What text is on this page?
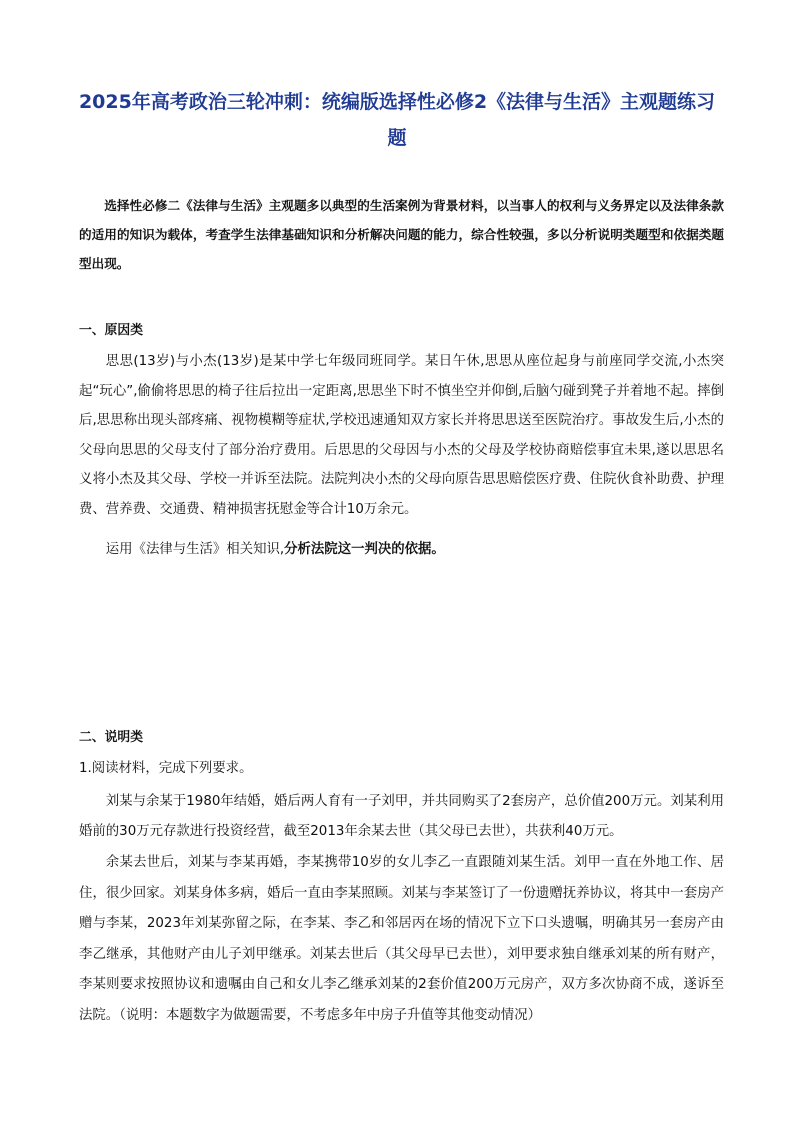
2025年高考政治三轮冲刺：统编版选择性必修2《法律与生活》主观题练习题
选择性必修二《法律与生活》主观题多以典型的生活案例为背景材料，以当事人的权利与义务界定以及法律条款的适用的知识为载体，考查学生法律基础知识和分析解决问题的能力，综合性较强，多以分析说明类题型和依据类题型出现。
一、原因类

思思(13岁)与小杰(13岁)是某中学七年级同班同学。某日午休,思思从座位起身与前座同学交流,小杰突起“玩心”,偷偷将思思的椅子往后拉出一定距离,思思坐下时不慎坐空并仰倒,后脑勺碰到凳子并着地不起。摔倒后,思思称出现头部疼痛、视物模糊等症状,学校迅速通知双方家长并将思思送至医院治疗。事故发生后,小杰的父母向思思的父母支付了部分治疗费用。后思思的父母因与小杰的父母及学校协商赔偿事宜未果,遂以思思名义将小杰及其父母、学校一并诉至法院。法院判决小杰的父母向原告思思赔偿医疗费、住院伙食补助费、护理费、营养费、交通费、精神损害抚慰金等合计10万余元。

运用《法律与生活》相关知识,分析法院这一判决的依据。

二、说明类
1.阅读材料，完成下列要求。

刘某与余某于1980年结婚，婚后两人育有一子刘甲，并共同购买了2套房产，总价值200万元。刘某利用婚前的30万元存款进行投资经营，截至2013年余某去世（其父母已去世），共获利40万元。

余某去世后，刘某与李某再婚，李某携带10岁的女儿李乙一直跟随刘某生活。刘甲一直在外地工作、居住，很少回家。刘某身体多病，婚后一直由李某照顾。刘某与李某签订了一份遗赠抚养协议，将其中一套房产赠与李某，2023年刘某弥留之际，在李某、李乙和邻居丙在场的情况下立下口头遗嘱，明确其另一套房产由李乙继承，其他财产由儿子刘甲继承。刘某去世后（其父母早已去世），刘甲要求独自继承刘某的所有财产，李某则要求按照协议和遗嘱由自己和女儿李乙继承刘某的2套价值200万元房产，双方多次协商不成，遂诉至法院。（说明：本题数字为做题需要，不考虑多年中房子升值等其他变动情况）
